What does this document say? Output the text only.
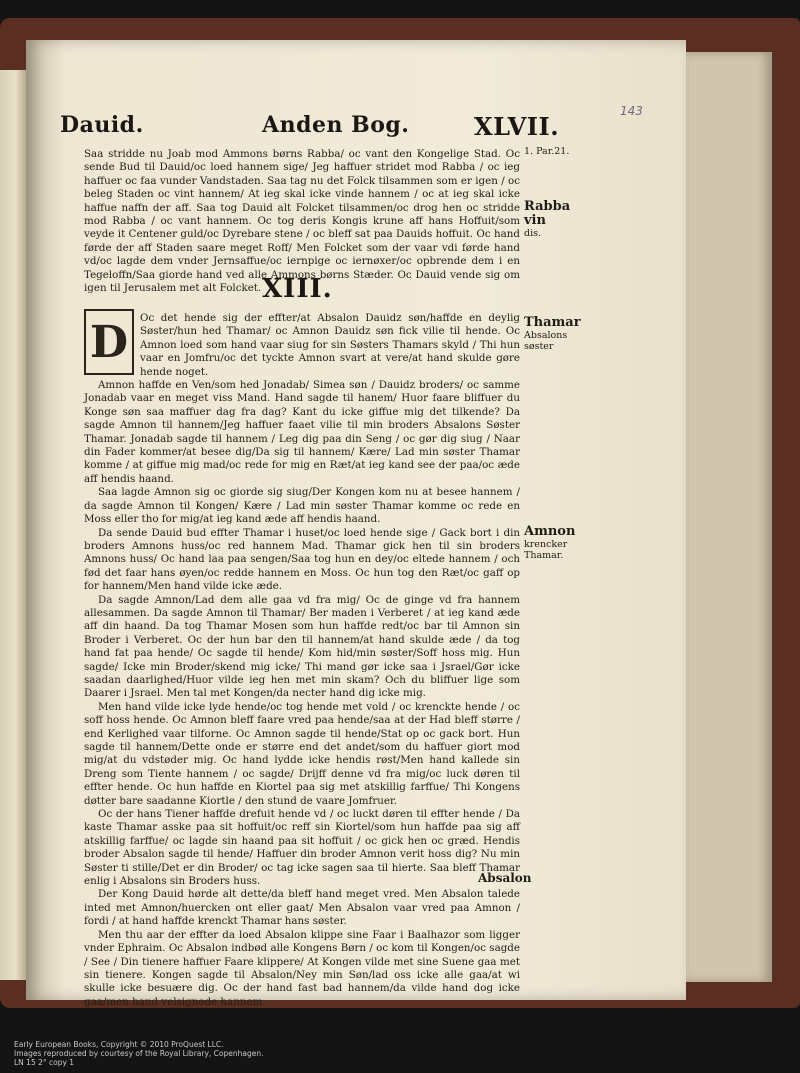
Dauid.	Anden Bog.	XLVII.
143

Saa stridde nu Joab mod Ammons børns Rabba/ oc vant den Kongelige Stad. Oc sende Bud til Dauid/oc loed hannem sige/ Jeg haffuer stridet mod Rabba / oc ieg haffuer oc faa vunder Vandstaden. Saa tag nu det Folck tilsammen som er igen / oc beleg Staden oc vint hannem/ At ieg skal icke vinde hannem / oc at ieg skal icke haffue naffn der aff. Saa tog Dauid alt Folcket tilsammen/oc drog hen oc stridde mod Rabba / oc vant hannem. Oc tog deris Kongis krune aff hans Hoffuit/som veyde it Centener guld/oc Dyrebare stene / oc bleff sat paa Dauids hoffuit. Oc hand førde der aff Staden saare meget Roff/ Men Folcket som der vaar vdi førde hand vd/oc lagde dem vnder Jernsaffue/oc iernpige oc iernøxer/oc opbrende dem i en Tegeloffn/Saa giorde hand ved alle Ammons børns Stæder. Oc Dauid vende sig om igen til Jerusalem met alt Folcket. XIII.
D	Oc det hende sig der effter/at Absalon Dauidz søn/haffde en deylig Søster/hun hed Thamar/ oc Amnon Dauidz søn fick vilie til hende. Oc Amnon loed som hand vaar siug for sin Søsters Thamars skyld / Thi hun vaar en Jomfru/oc det tyckte Amnon svart at vere/at hand skulde gøre hende noget.

Amnon haffde en Ven/som hed Jonadab/ Simea søn / Dauidz broders/ oc samme Jonadab vaar en meget viss Mand. Hand sagde til hanem/ Huor faare bliffuer du Konge søn saa maffuer dag fra dag? Kant du icke giffue mig det tilkende? Da sagde Amnon til hannem/Jeg haffuer faaet vilie til min broders Absalons Søster Thamar. Jonadab sagde til hannem / Leg dig paa din Seng / oc gør dig siug / Naar din Fader kommer/at besee dig/Da sig til hannem/ Kære/ Lad min søster Thamar komme / at giffue mig mad/oc rede for mig en Ræt/at ieg kand see der paa/oc æde aff hendis haand.

Saa lagde Amnon sig oc giorde sig siug/Der Kongen kom nu at besee hannem / da sagde Amnon til Kongen/ Kære / Lad min søster Thamar komme oc rede en Moss eller tho for mig/at ieg kand æde aff hendis haand.

Da sende Dauid bud effter Thamar i huset/oc loed hende sige / Gack bort i din broders Amnons huss/oc red hannem Mad. Thamar gick hen til sin broders Amnons huss/ Oc hand laa paa sengen/Saa tog hun en dey/oc eltede hannem / och fød det faar hans øyen/oc redde hannem en Moss. Oc hun tog den Ræt/oc gaff op for hannem/Men hand vilde icke æde.

Da sagde Amnon/Lad dem alle gaa vd fra mig/ Oc de ginge vd fra hannem allesammen. Da sagde Amnon til Thamar/ Ber maden i Verberet / at ieg kand æde aff din haand. Da tog Thamar Mosen som hun haffde redt/oc bar til Amnon sin Broder i Verberet. Oc der hun bar den til hannem/at hand skulde æde / da tog hand fat paa hende/ Oc sagde til hende/ Kom hid/min søster/Soff hoss mig. Hun sagde/ Icke min Broder/skend mig icke/ Thi mand gør icke saa i Jsrael/Gør icke saadan daarlighed/Huor vilde ieg hen met min skam? Och du bliffuer lige som Daarer i Jsrael. Men tal met Kongen/da necter hand dig icke mig.

Men hand vilde icke lyde hende/oc tog hende met vold / oc krenckte hende / oc soff hoss hende. Oc Amnon bleff faare vred paa hende/saa at der Had bleff større / end Kerlighed vaar tilforne. Oc Amnon sagde til hende/Stat op oc gack bort. Hun sagde til hannem/Dette onde er større end det andet/som du haffuer giort mod mig/at du vdstøder mig. Oc hand lydde icke hendis røst/Men hand kallede sin Dreng som Tiente hannem / oc sagde/ Drijff denne vd fra mig/oc luck døren til effter hende. Oc hun haffde en Kiortel paa sig met atskillig farffue/ Thi Kongens døtter bare saadanne Kiortle / den stund de vaare Jomfruer.

Oc der hans Tiener haffde drefuit hende vd / oc luckt døren til effter hende / Da kaste Thamar asske paa sit hoffuit/oc reff sin Kiortel/som hun haffde paa sig aff atskillig farffue/ oc lagde sin haand paa sit hoffuit / oc gick hen oc græd. Hendis broder Absalon sagde til hende/ Haffuer din broder Amnon verit hoss dig? Nu min Søster ti stille/Det er din Broder/ oc tag icke sagen saa til hierte. Saa bleff Thamar enlig i Absalons sin Broders huss.

Der Kong Dauid hørde alt dette/da bleff hand meget vred. Men Absalon talede inted met Amnon/huercken ont eller gaat/ Men Absalon vaar vred paa Amnon / fordi / at hand haffde krenckt Thamar hans søster.

Men thu aar der effter da loed Absalon klippe sine Faar i Baalhazor som ligger vnder Ephraim. Oc Absalon indbød alle Kongens Børn / oc kom til Kongen/oc sagde / See / Din tienere haffuer Faare klippere/ At Kongen vilde met sine Suene gaa met sin tienere. Kongen sagde til Absalon/Ney min Søn/lad oss icke alle gaa/at wi skulle icke besuære dig. Oc der hand fast bad hannem/da vilde hand dog icke gaa/men hand velsignede hannem.

1. Par.21.
Rabba vin
dis.
Thamar
Absalons søster
Amnon
krencker Thamar.
Absalon
Early European Books, Copyright © 2010 ProQuest LLC.
Images reproduced by courtesy of the Royal Library, Copenhagen.
LN 15 2° copy 1
